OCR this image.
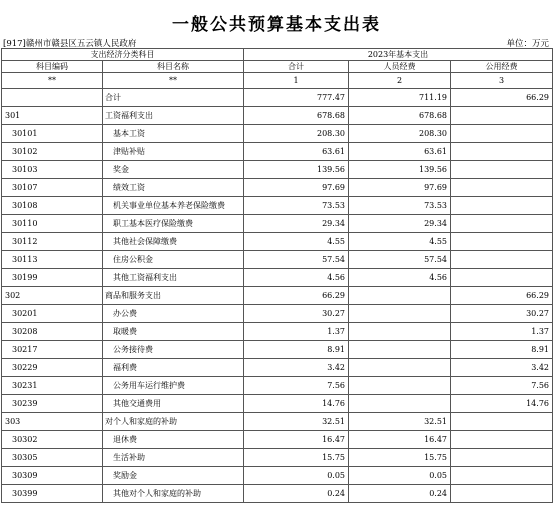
一般公共预算基本支出表
[917]赣州市赣县区五云镇人民政府	单位：万元
支出经济分类科目		2023年基本支出		
科目编码	科目名称	合计	人员经费	公用经费
**	**	1	2	3
	合计	777.47	711.19	66.29
301	工资福利支出	678.68	678.68	
30101	基本工资	208.30	208.30	
30102	津贴补贴	63.61	63.61	
30103	奖金	139.56	139.56	
30107	绩效工资	97.69	97.69	
30108	机关事业单位基本养老保险缴费	73.53	73.53	
30110	职工基本医疗保险缴费	29.34	29.34	
30112	其他社会保障缴费	4.55	4.55	
30113	住房公积金	57.54	57.54	
30199	其他工资福利支出	4.56	4.56	
302	商品和服务支出	66.29		66.29
30201	办公费	30.27		30.27
30208	取暖费	1.37		1.37
30217	公务接待费	8.91		8.91
30229	福利费	3.42		3.42
30231	公务用车运行维护费	7.56		7.56
30239	其他交通费用	14.76		14.76
303	对个人和家庭的补助	32.51	32.51	
30302	退休费	16.47	16.47	
30305	生活补助	15.75	15.75	
30309	奖励金	0.05	0.05	
30399	其他对个人和家庭的补助	0.24	0.24	
